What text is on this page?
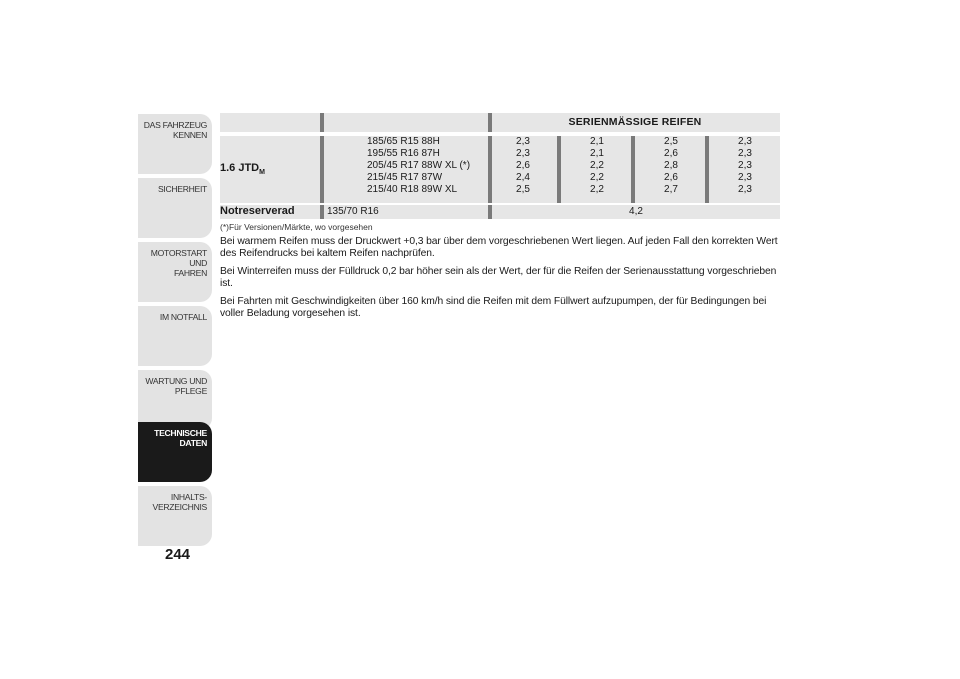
DAS FAHRZEUG
KENNEN
SICHERHEIT
MOTORSTART UND
FAHREN
IM NOTFALL
WARTUNG UND
PFLEGE
TECHNISCHE
DATEN
INHALTS-
VERZEICHNIS
244
SERIENMÄSSIGE REIFEN
1.6 $JTD_M$
185/65 R15 88H
195/55 R16 87H
205/45 R17 88W XL (*)
215/45 R17 87W
215/40 R18 89W XL
2,3
2,3
2,6
2,4
2,5
2,1
2,1
2,2
2,2
2,2
2,5
2,6
2,8
2,6
2,7
2,3
2,3
2,3
2,3
2,3
Notreserverad	135/70 R16	4,2
(*)Für Versionen/Märkte, wo vorgesehen

Bei warmem Reifen muss der Druckwert +0,3 bar über dem vorgeschriebenen Wert liegen. Auf jeden Fall den korrekten Wert des Reifendrucks bei kaltem Reifen nachprüfen.

Bei Winterreifen muss der Fülldruck 0,2 bar höher sein als der Wert, der für die Reifen der Serienausstattung vorgeschrieben ist.

Bei Fahrten mit Geschwindigkeiten über 160 km/h sind die Reifen mit dem Füllwert aufzupumpen, der für Bedingungen bei voller Beladung vorgesehen ist.
